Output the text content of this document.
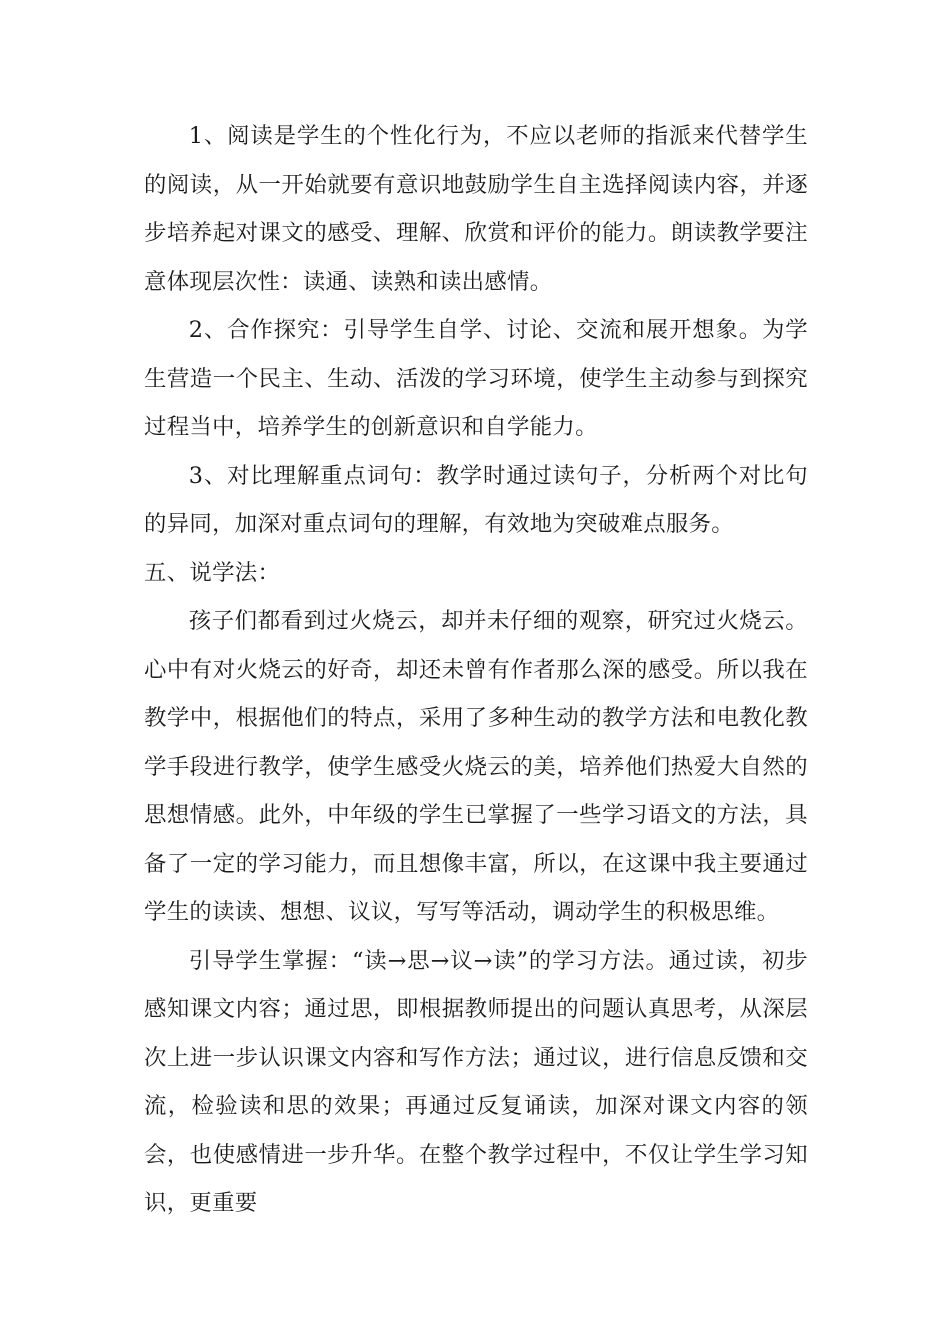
1、阅读是学生的个性化行为，不应以老师的指派来代替学生的阅读，从一开始就要有意识地鼓励学生自主选择阅读内容，并逐步培养起对课文的感受、理解、欣赏和评价的能力。朗读教学要注意体现层次性：读通、读熟和读出感情。

2、合作探究：引导学生自学、讨论、交流和展开想象。为学生营造一个民主、生动、活泼的学习环境，使学生主动参与到探究过程当中，培养学生的创新意识和自学能力。

3、对比理解重点词句：教学时通过读句子，分析两个对比句的异同，加深对重点词句的理解，有效地为突破难点服务。

五、说学法：

孩子们都看到过火烧云，却并未仔细的观察，研究过火烧云。心中有对火烧云的好奇，却还未曾有作者那么深的感受。所以我在教学中，根据他们的特点，采用了多种生动的教学方法和电教化教学手段进行教学，使学生感受火烧云的美，培养他们热爱大自然的思想情感。此外，中年级的学生已掌握了一些学习语文的方法，具备了一定的学习能力，而且想像丰富，所以，在这课中我主要通过学生的读读、想想、议议，写写等活动，调动学生的积极思维。

引导学生掌握：“读→思→议→读”的学习方法。通过读，初步感知课文内容；通过思，即根据教师提出的问题认真思考，从深层次上进一步认识课文内容和写作方法；通过议，进行信息反馈和交流，检验读和思的效果；再通过反复诵读，加深对课文内容的领会，也使感情进一步升华。在整个教学过程中，不仅让学生学习知识，更重要
